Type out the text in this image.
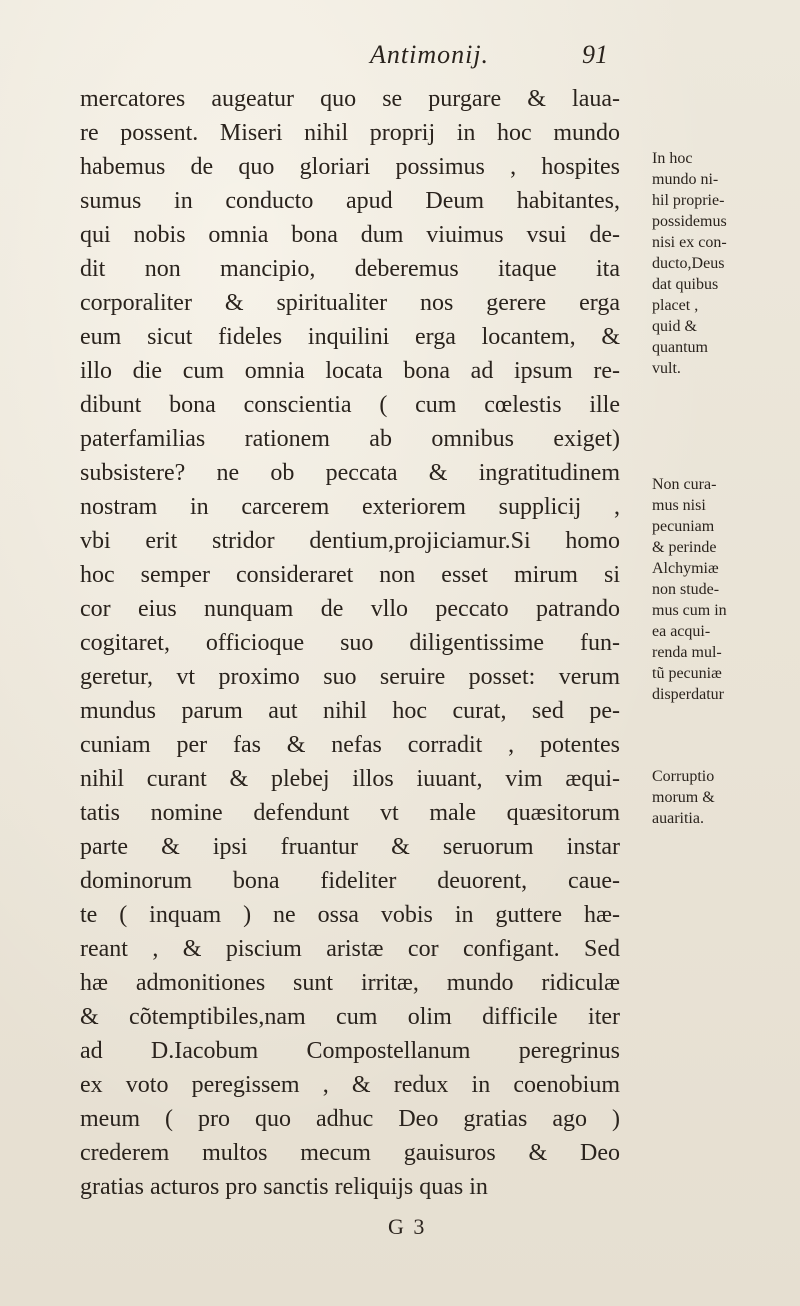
Antimonij.	91
mercatores augeatur quo se purgare & laua-
re possent. Miseri nihil proprij in hoc mundo
habemus de quo gloriari possimus , hospites
sumus in conducto apud Deum habitantes,
qui nobis omnia bona dum viuimus vsui de-
dit non mancipio, deberemus itaque ita
corporaliter & spiritualiter nos gerere erga
eum sicut fideles inquilini erga locantem, &
illo die cum omnia locata bona ad ipsum re-
dibunt bona conscientia ( cum cœlestis ille
paterfamilias rationem ab omnibus exiget)
subsistere? ne ob peccata & ingratitudinem
nostram in carcerem exteriorem supplicij ,
vbi erit stridor dentium,projiciamur.Si homo
hoc semper consideraret non esset mirum si
cor eius nunquam de vllo peccato patrando
cogitaret, officioque suo diligentissime fun-
geretur, vt proximo suo seruire posset: verum
mundus parum aut nihil hoc curat, sed pe-
cuniam per fas & nefas corradit , potentes
nihil curant & plebej illos iuuant, vim æqui-
tatis nomine defendunt vt male quæsitorum
parte & ipsi fruantur & seruorum instar
dominorum bona fideliter deuorent, caue-
te ( inquam ) ne ossa vobis in guttere hæ-
reant , & piscium aristæ cor configant. Sed
hæ admonitiones sunt irritæ, mundo ridiculæ
& cõtemptibiles,nam cum olim difficile iter
ad D.Iacobum Compostellanum peregrinus
ex voto peregissem , & redux in coenobium
meum ( pro quo adhuc Deo gratias ago )
crederem multos mecum gauisuros & Deo
gratias acturos pro sanctis reliquijs quas in
G 3
In hoc
mundo ni-
hil proprie-
possidemus
nisi ex con-
ducto,Deus
dat quibus
placet ,
quid &
quantum
vult.
Non cura-
mus nisi
pecuniam
& perinde
Alchymiæ
non stude-
mus cum in
ea acqui-
renda mul-
tũ pecuniæ
disperdatur
Corruptio
morum &
auaritia.
